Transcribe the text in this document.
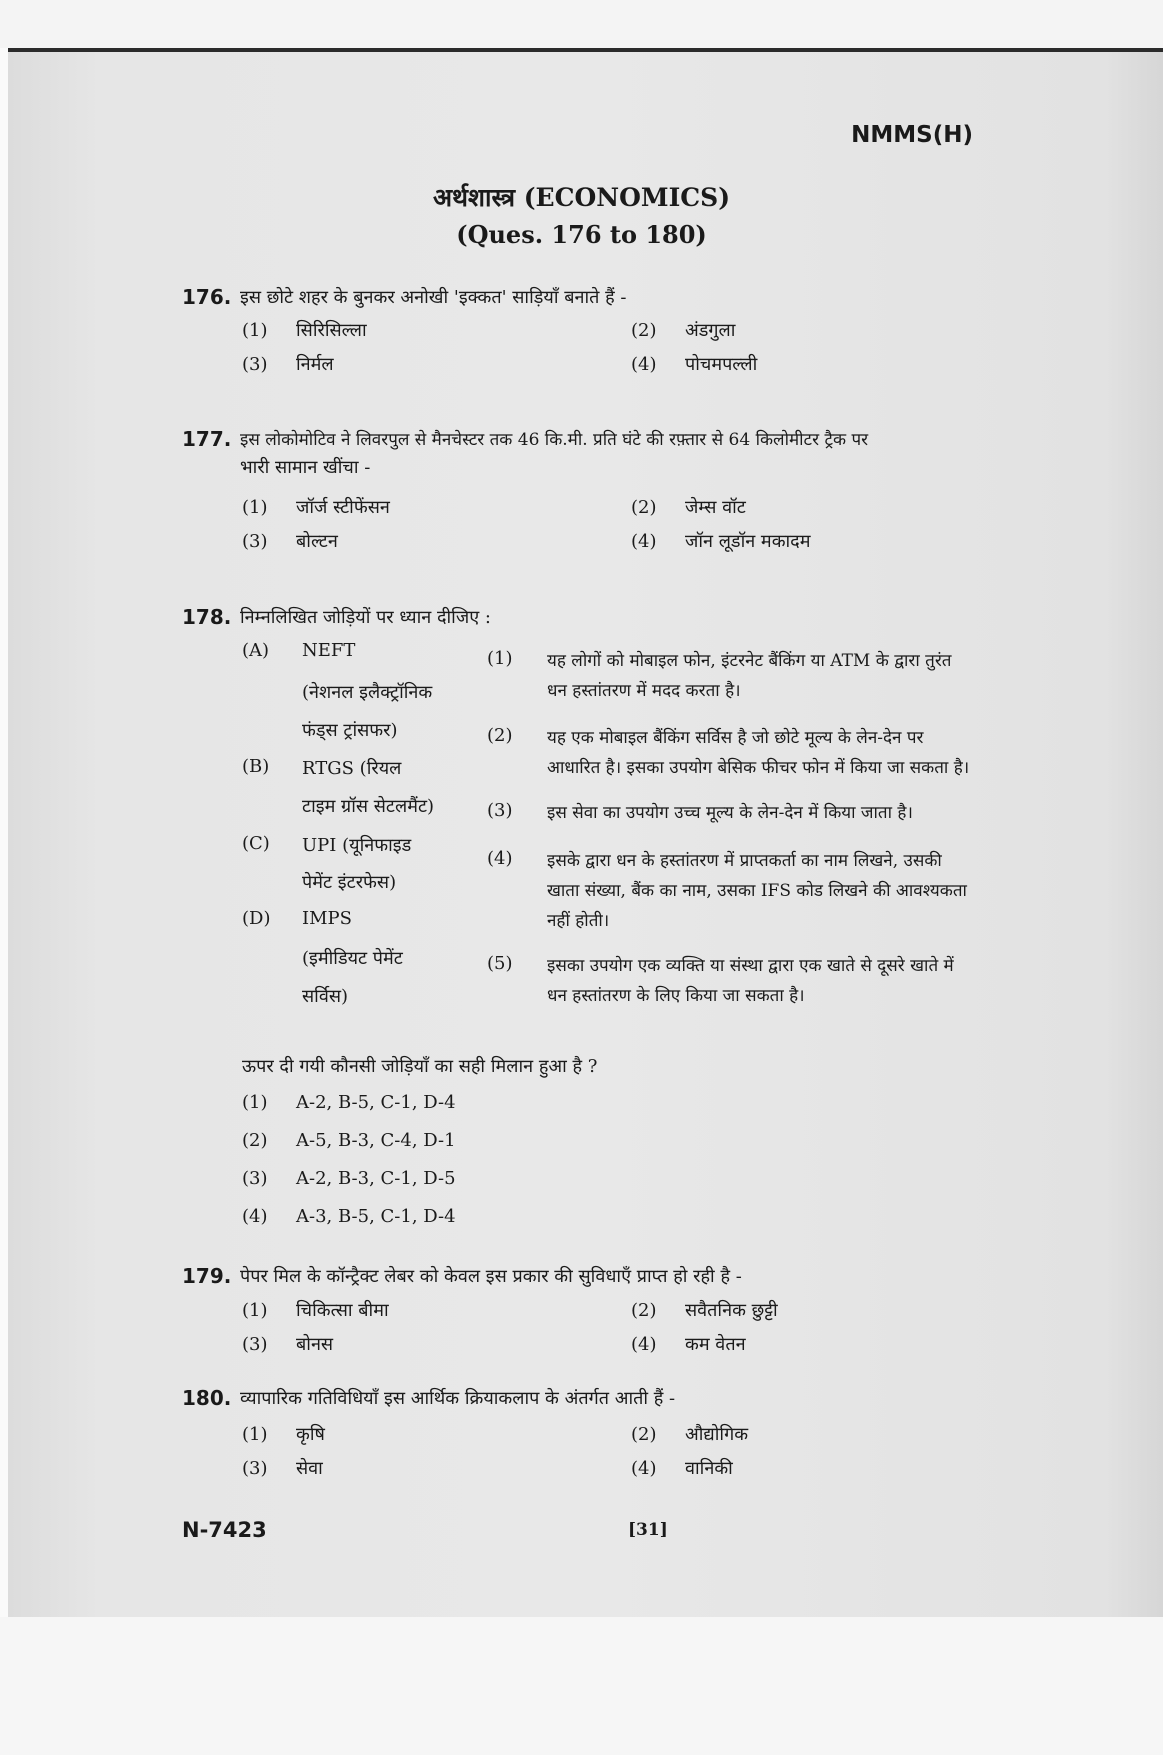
NMMS(H)
अर्थशास्त्र (ECONOMICS)
(Ques. 176 to 180)
176. इस छोटे शहर के बुनकर अनोखी 'इक्कत' साड़ियाँ बनाते हैं -
(1) सिरिसिल्ला	(2) अंडगुला
(3) निर्मल	(4) पोचमपल्ली
177. इस लोकोमोटिव ने लिवरपुल से मैनचेस्टर तक 46 कि.मी. प्रति घंटे की रफ़्तार से 64 किलोमीटर ट्रैक पर
भारी सामान खींचा -
(1) जॉर्ज स्टीफेंसन	(2) जेम्स वॉट
(3) बोल्टन	(4) जॉन लूडॉन मकादम
178. निम्नलिखित जोड़ियों पर ध्यान दीजिए :
(A) NEFT
(नेशनल इलैक्ट्रॉनिक
फंड्स ट्रांसफर)
(B) RTGS (रियल
टाइम ग्रॉस सेटलमैंट)
(C) UPI (यूनिफाइड
पेमेंट इंटरफेस)
(D) IMPS
(इमीडियट पेमेंट
सर्विस)
(1) यह लोगों को मोबाइल फोन, इंटरनेट बैंकिंग या ATM के द्वारा तुरंत
धन हस्तांतरण में मदद करता है।
(2) यह एक मोबाइल बैंकिंग सर्विस है जो छोटे मूल्य के लेन-देन पर
आधारित है। इसका उपयोग बेसिक फीचर फोन में किया जा सकता है।
(3) इस सेवा का उपयोग उच्च मूल्य के लेन-देन में किया जाता है।
(4) इसके द्वारा धन के हस्तांतरण में प्राप्तकर्ता का नाम लिखने, उसकी
खाता संख्या, बैंक का नाम, उसका IFS कोड लिखने की आवश्यकता
नहीं होती।
(5) इसका उपयोग एक व्यक्ति या संस्था द्वारा एक खाते से दूसरे खाते में
धन हस्तांतरण के लिए किया जा सकता है।
ऊपर दी गयी कौनसी जोड़ियाँ का सही मिलान हुआ है ?
(1) A-2, B-5, C-1, D-4
(2) A-5, B-3, C-4, D-1
(3) A-2, B-3, C-1, D-5
(4) A-3, B-5, C-1, D-4
179. पेपर मिल के कॉन्ट्रैक्ट लेबर को केवल इस प्रकार की सुविधाएँ प्राप्त हो रही है -
(1) चिकित्सा बीमा	(2) सवैतनिक छुट्टी
(3) बोनस	(4) कम वेतन
180. व्यापारिक गतिविधियाँ इस आर्थिक क्रियाकलाप के अंतर्गत आती हैं -
(1) कृषि	(2) औद्योगिक
(3) सेवा	(4) वानिकी
N-7423	[31]
